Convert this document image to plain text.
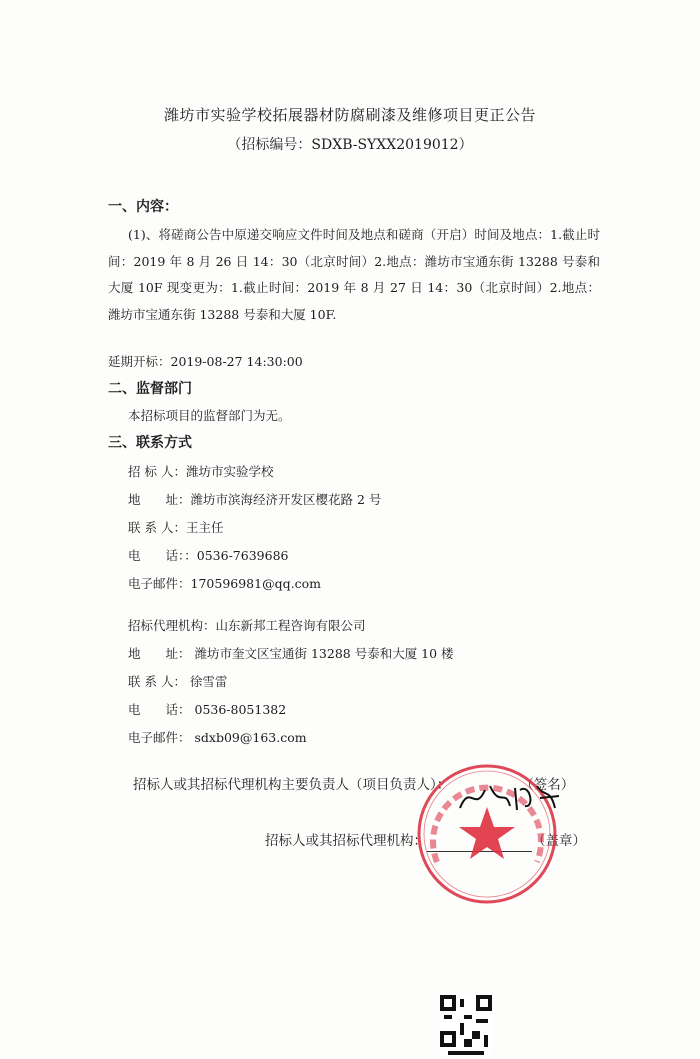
潍坊市实验学校拓展器材防腐刷漆及维修项目更正公告
（招标编号：SDXB-SYXX2019012）
一、内容：
(1)、将磋商公告中原递交响应文件时间及地点和磋商（开启）时间及地点：1.截止时间：2019 年 8 月 26 日 14：30（北京时间）2.地点：潍坊市宝通东街 13288 号泰和大厦 10F 现变更为：1.截止时间：2019 年 8 月 27 日 14：30（北京时间）2.地点：潍坊市宝通东街 13288 号泰和大厦 10F.
延期开标：2019-08-27 14:30:00
二、监督部门
本招标项目的监督部门为无。
三、联系方式
招 标 人：潍坊市实验学校
地　　址：潍坊市滨海经济开发区樱花路 2 号
联 系 人：王主任
电　　话：：0536-7639686
电子邮件：170596981@qq.com
招标代理机构：山东新邦工程咨询有限公司
地　　址： 潍坊市奎文区宝通街 13288 号泰和大厦 10 楼
联 系 人： 徐雪雷
电　　话： 0536-8051382
电子邮件： sdxb09@163.com
招标人或其招标代理机构主要负责人（项目负责人）：	（签名）
招标人或其招标代理机构：	（盖章）
